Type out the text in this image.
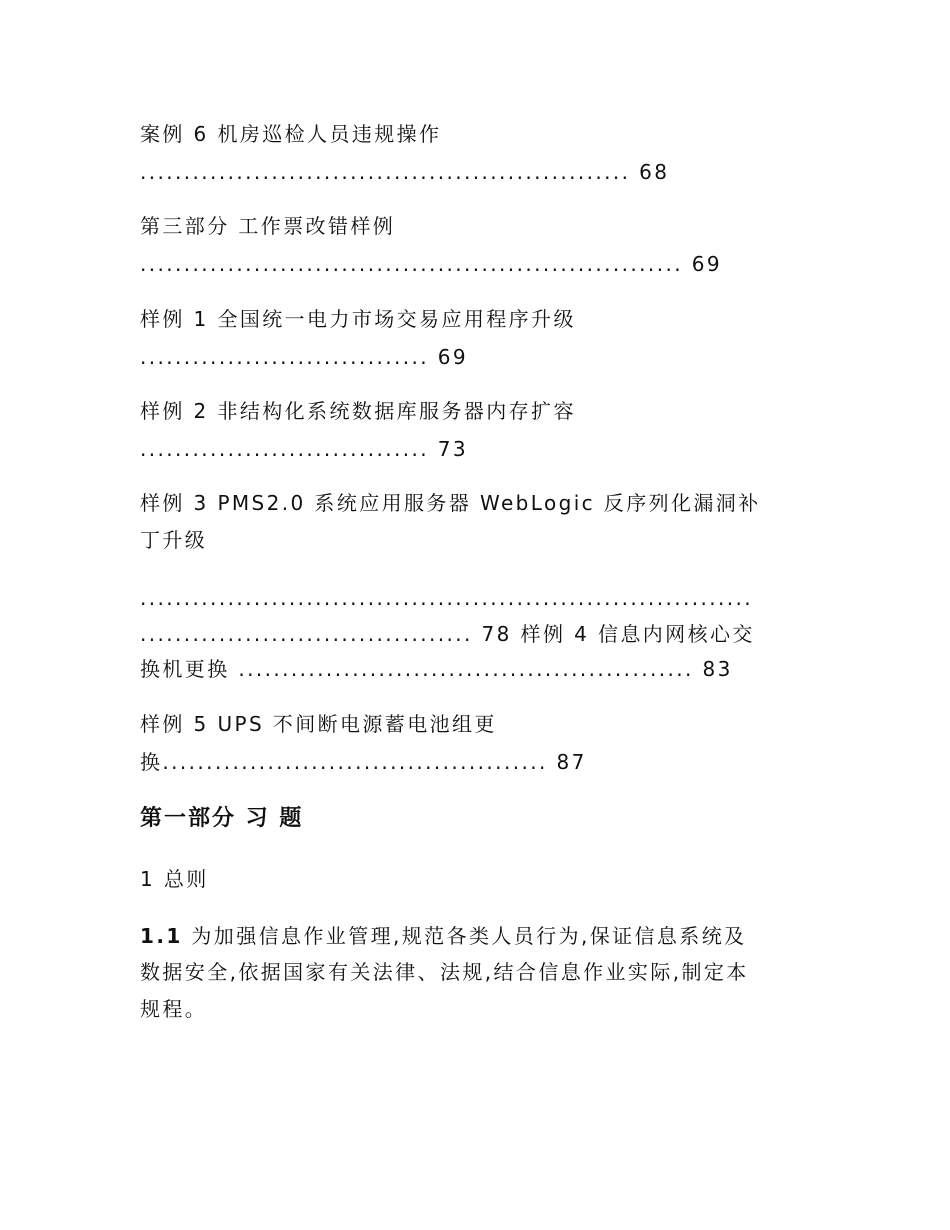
案例 6 机房巡检人员违规操作
........................................................ 68
第三部分 工作票改错样例
.............................................................. 69
样例 1 全国统一电力市场交易应用程序升级
................................. 69
样例 2 非结构化系统数据库服务器内存扩容
................................. 73
样例 3 PMS2.0 系统应用服务器 WebLogic 反序列化漏洞补
丁升级
......................................................................
...................................... 78 样例 4 信息内网核心交
换机更换 .................................................... 83
样例 5 UPS 不间断电源蓄电池组更
换............................................ 87
第一部分 习 题
1 总则
1.1 为加强信息作业管理,规范各类人员行为,保证信息系统及
数据安全,依据国家有关法律、法规,结合信息作业实际,制定本
规程。
